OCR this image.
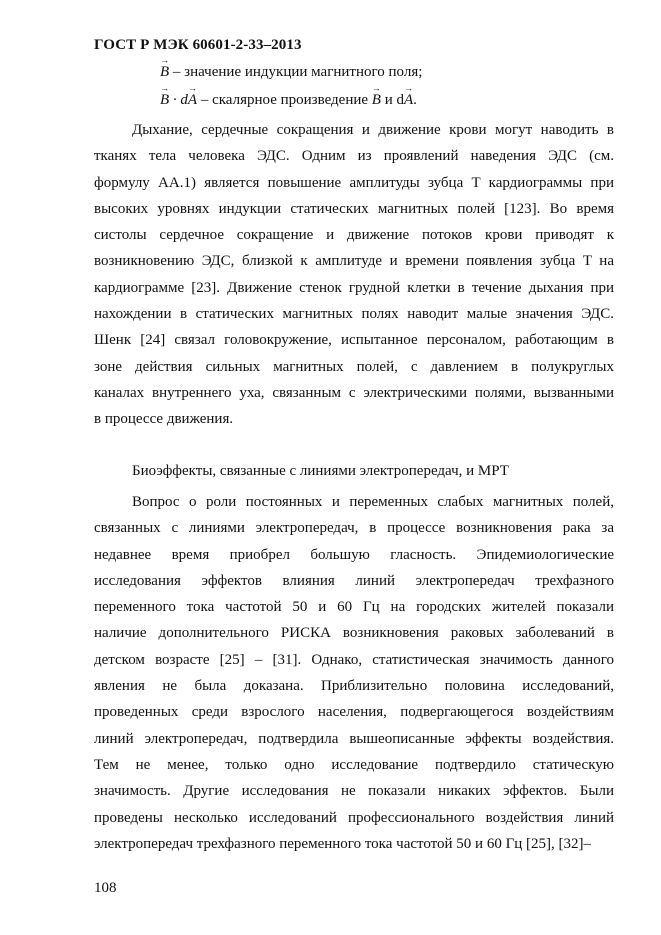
ГОСТ Р МЭК 60601-2-33–2013
→ B – значение индукции магнитного поля;
→ B · d→ A – скалярное произведение → B и d→ A.
Дыхание, сердечные сокращения и движение крови могут наводить в
тканях тела человека ЭДС. Одним из проявлений наведения ЭДС (см.
формулу АА.1) является повышение амплитуды зубца T кардиограммы при
высоких уровнях индукции статических магнитных полей [123]. Во время
систолы сердечное сокращение и движение потоков крови приводят к
возникновению ЭДС, близкой к амплитуде и времени появления зубца T на
кардиограмме [23]. Движение стенок грудной клетки в течение дыхания при
нахождении в статических магнитных полях наводит малые значения ЭДС.
Шенк [24] связал головокружение, испытанное персоналом, работающим в
зоне действия сильных магнитных полей, с давлением в полукруглых
каналах внутреннего уха, связанным с электрическими полями, вызванными
в процессе движения.
Биоэффекты, связанные с линиями электропередач, и МРТ
Вопрос о роли постоянных и переменных слабых магнитных полей,
связанных с линиями электропередач, в процессе возникновения рака за
недавнее время приобрел большую гласность. Эпидемиологические
исследования эффектов влияния линий электропередач трехфазного
переменного тока частотой 50 и 60 Гц на городских жителей показали
наличие дополнительного РИСКА возникновения раковых заболеваний в
детском возрасте [25] – [31]. Однако, статистическая значимость данного
явления не была доказана. Приблизительно половина исследований,
проведенных среди взрослого населения, подвергающегося воздействиям
линий электропередач, подтвердила вышеописанные эффекты воздействия.
Тем не менее, только одно исследование подтвердило статическую
значимость. Другие исследования не показали никаких эффектов. Были
проведены несколько исследований профессионального воздействия линий
электропередач трехфазного переменного тока частотой 50 и 60 Гц [25], [32]–
108
